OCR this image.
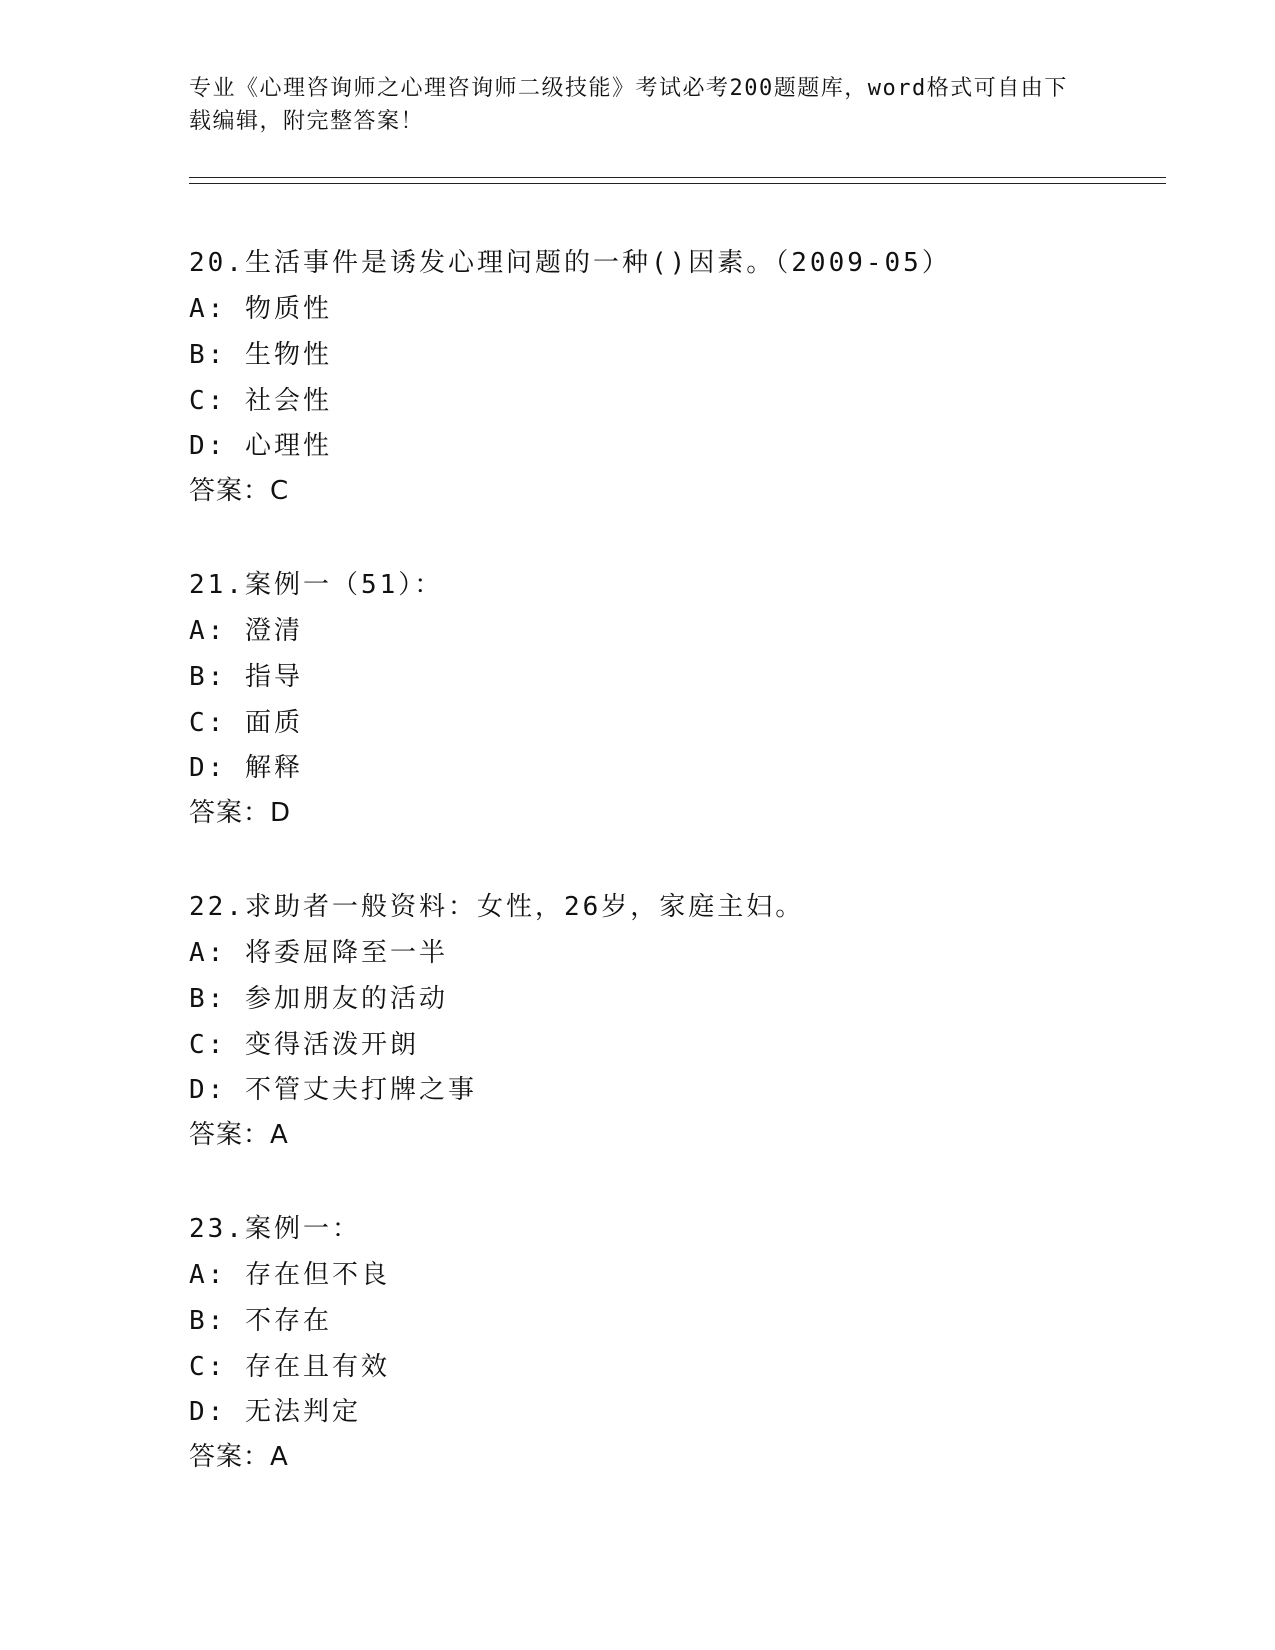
专业《心理咨询师之心理咨询师二级技能》考试必考200题题库，word格式可自由下载编辑，附完整答案！

20.生活事件是诱发心理问题的一种()因素。（2009-05）
A: 物质性
B: 生物性
C: 社会性
D: 心理性
答案：C
21.案例一（51）：
A: 澄清
B: 指导
C: 面质
D: 解释
答案：D
22.求助者一般资料：女性，26岁，家庭主妇。
A: 将委屈降至一半
B: 参加朋友的活动
C: 变得活泼开朗
D: 不管丈夫打牌之事
答案：A
23.案例一：
A: 存在但不良
B: 不存在
C: 存在且有效
D: 无法判定
答案：A
